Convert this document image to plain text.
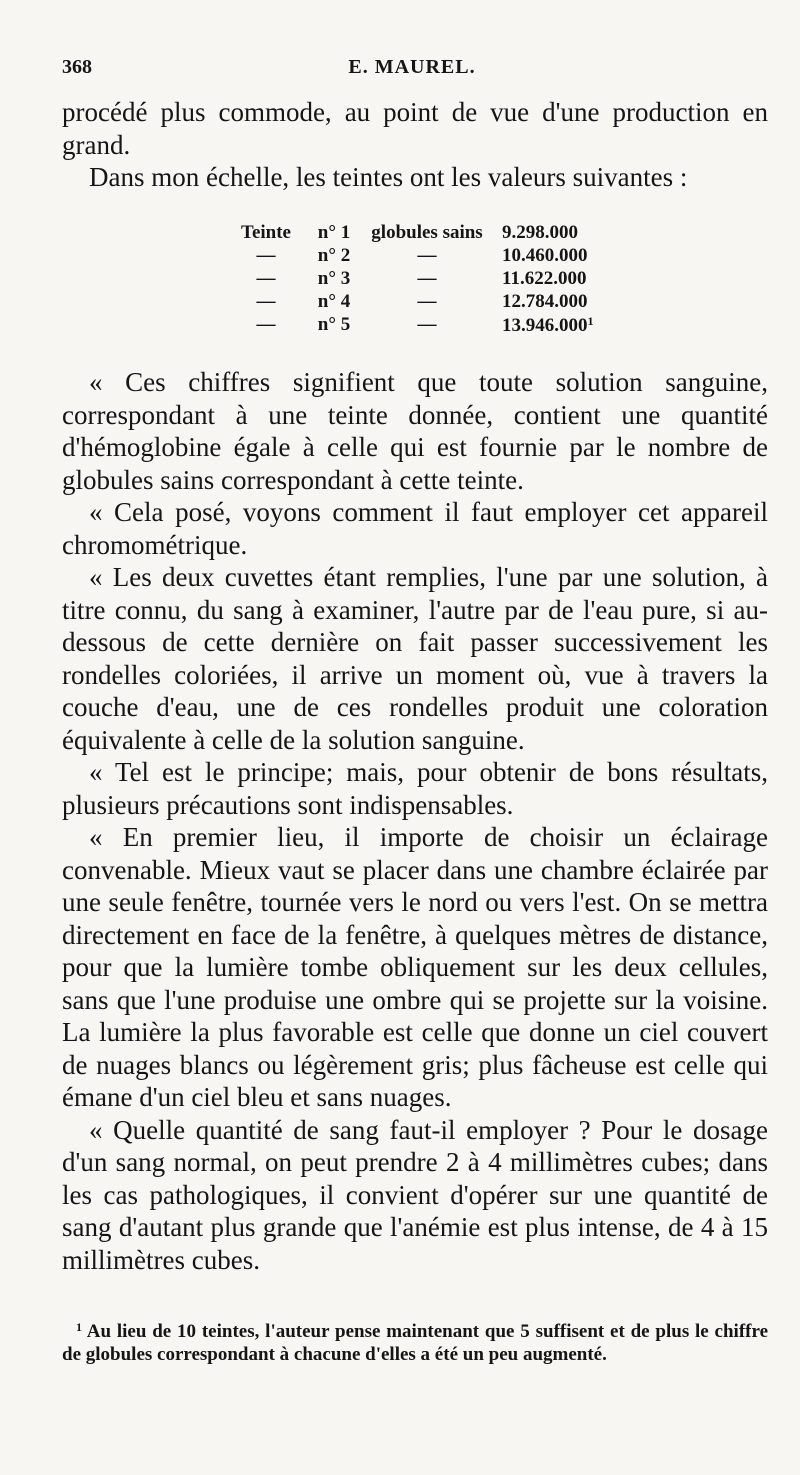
368	E. MAUREL.

procédé plus commode, au point de vue d'une production en grand.

Dans mon échelle, les teintes ont les valeurs suivantes :

Teinte	n° 1	globules sains	9.298.000
—	n° 2	—	10.460.000
—	n° 3	—	11.622.000
—	n° 4	—	12.784.000
—	n° 5	—	13.946.000$^1$

« Ces chiffres signifient que toute solution sanguine, correspondant à une teinte donnée, contient une quantité d'hémoglobine égale à celle qui est fournie par le nombre de globules sains correspondant à cette teinte.

« Cela posé, voyons comment il faut employer cet appareil chromométrique.

« Les deux cuvettes étant remplies, l'une par une solution, à titre connu, du sang à examiner, l'autre par de l'eau pure, si au-dessous de cette dernière on fait passer successivement les rondelles coloriées, il arrive un moment où, vue à travers la couche d'eau, une de ces rondelles produit une coloration équivalente à celle de la solution sanguine.

« Tel est le principe; mais, pour obtenir de bons résultats, plusieurs précautions sont indispensables.

« En premier lieu, il importe de choisir un éclairage convenable. Mieux vaut se placer dans une chambre éclairée par une seule fenêtre, tournée vers le nord ou vers l'est. On se mettra directement en face de la fenêtre, à quelques mètres de distance, pour que la lumière tombe obliquement sur les deux cellules, sans que l'une produise une ombre qui se projette sur la voisine. La lumière la plus favorable est celle que donne un ciel couvert de nuages blancs ou légèrement gris; plus fâcheuse est celle qui émane d'un ciel bleu et sans nuages.

« Quelle quantité de sang faut-il employer ? Pour le dosage d'un sang normal, on peut prendre 2 à 4 millimètres cubes; dans les cas pathologiques, il convient d'opérer sur une quantité de sang d'autant plus grande que l'anémie est plus intense, de 4 à 15 millimètres cubes.

$^1$ Au lieu de 10 teintes, l'auteur pense maintenant que 5 suffisent et de plus le chiffre de globules correspondant à chacune d'elles a été un peu augmenté.
